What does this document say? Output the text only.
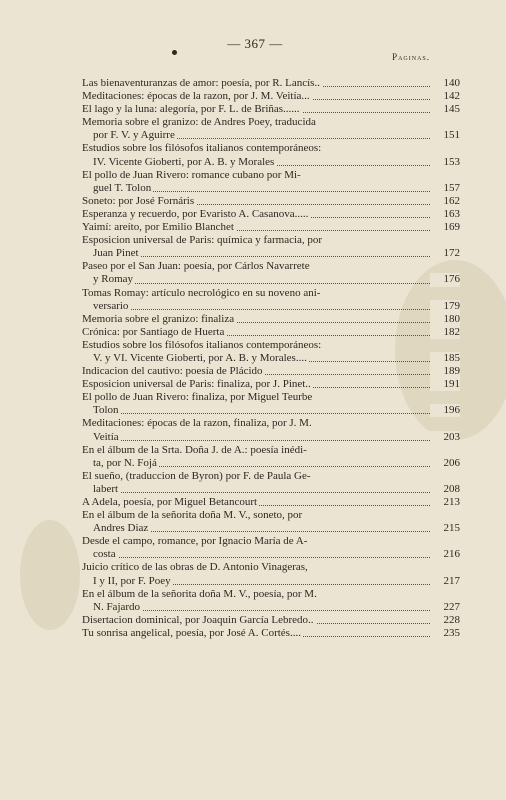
— 367 —
Paginas.
Las bienaventuranzas de amor: poesía, por R. Lancís..	140
Meditaciones: épocas de la razon, por J. M. Veitía...	142
El lago y la luna: alegoría, por F. L. de Briñas......	145
Memoria sobre el granizo: de Andres Poey, traducida
por F. V. y Aguirre	151
Estudios sobre los filósofos italianos contemporáneos:
IV. Vicente Gioberti, por A. B. y Morales	153
El pollo de Juan Rivero: romance cubano por Mi-
guel T. Tolon	157
Soneto: por José Fornáris	162
Esperanza y recuerdo, por Evaristo A. Casanova.....	163
Yaimí: areíto, por Emilio Blanchet	169
Esposicion universal de Paris: química y farmacia, por
Juan Pinet	172
Paseo por el San Juan: poesía, por Cárlos Navarrete
y Romay	176
Tomas Romay: artículo necrológico en su noveno ani-
versario	179
Memoria sobre el granizo: finaliza	180
Crónica: por Santiago de Huerta	182
Estudios sobre los filósofos italianos contemporáneos:
V. y VI. Vicente Gioberti, por A. B. y Morales....	185
Indicacion del cautivo: poesía de Plácido	189
Esposicion universal de Paris: finaliza, por J. Pinet..	191
El pollo de Juan Rivero: finaliza, por Miguel Teurbe
Tolon	196
Meditaciones: épocas de la razon, finaliza, por J. M.
Veitía	203
En el álbum de la Srta. Doña J. de A.: poesía inédi-
ta, por N. Fojá	206
El sueño, (traduccion de Byron) por F. de Paula Ge-
labert	208
A Adela, poesía, por Miguel Betancourt	213
En el álbum de la señorita doña M. V., soneto, por
Andres Diaz	215
Desde el campo, romance, por Ignacio María de A-
costa	216
Juicio crítico de las obras de D. Antonio Vinageras,
I y II, por F. Poey	217
En el álbum de la señorita doña M. V., poesía, por M.
N. Fajardo	227
Disertacion dominical, por Joaquin García Lebredo..	228
Tu sonrisa angelical, poesía, por José A. Cortés....	235
